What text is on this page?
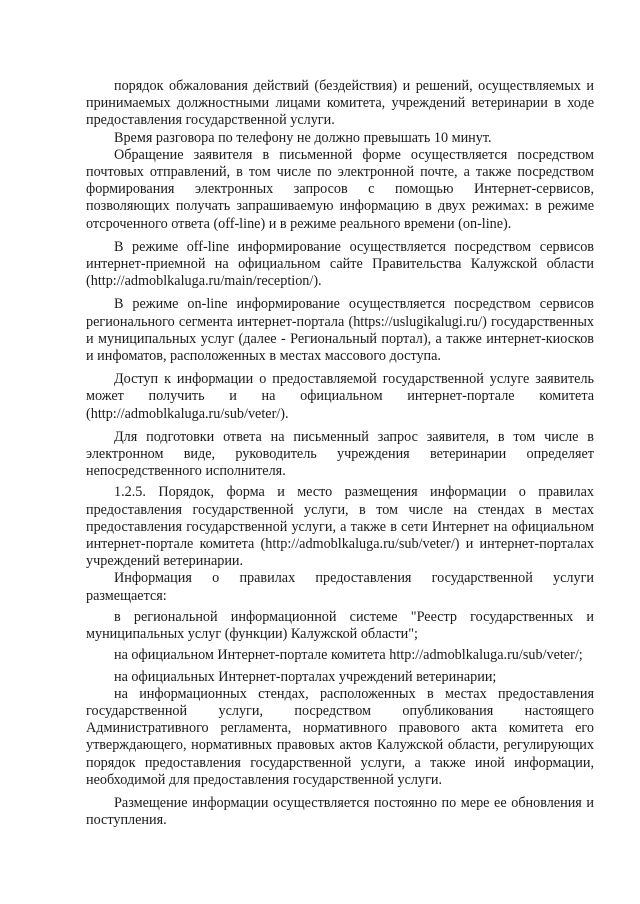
порядок обжалования действий (бездействия) и решений, осуществляемых и принимаемых должностными лицами комитета, учреждений ветеринарии в ходе предоставления государственной услуги.

Время разговора по телефону не должно превышать 10 минут.

Обращение заявителя в письменной форме осуществляется посредством почтовых отправлений, в том числе по электронной почте, а также посредством формирования электронных запросов с помощью Интернет-сервисов, позволяющих получать запрашиваемую информацию в двух режимах: в режиме отсроченного ответа (off-line) и в режиме реального времени (on-line).

В режиме off-line информирование осуществляется посредством сервисов интернет-приемной на официальном сайте Правительства Калужской области (http://admoblkaluga.ru/main/reception/).

В режиме on-line информирование осуществляется посредством сервисов регионального сегмента интернет-портала (https://uslugikalugi.ru/) государственных и муниципальных услуг (далее - Региональный портал), а также интернет-киосков и инфоматов, расположенных в местах массового доступа.

Доступ к информации о предоставляемой государственной услуге заявитель может получить и на официальном интернет-портале комитета (http://admoblkaluga.ru/sub/veter/).

Для подготовки ответа на письменный запрос заявителя, в том числе в электронном виде, руководитель учреждения ветеринарии определяет непосредственного исполнителя.

1.2.5. Порядок, форма и место размещения информации о правилах предоставления государственной услуги, в том числе на стендах в местах предоставления государственной услуги, а также в сети Интернет на официальном интернет-портале комитета (http://admoblkaluga.ru/sub/veter/) и интернет-порталах учреждений ветеринарии.

Информация о правилах предоставления государственной услуги размещается:

в региональной информационной системе "Реестр государственных и муниципальных услуг (функции) Калужской области";

на официальном Интернет-портале комитета http://admoblkaluga.ru/sub/veter/;

на официальных Интернет-порталах учреждений ветеринарии;

на информационных стендах, расположенных в местах предоставления государственной услуги, посредством опубликования настоящего Административного регламента, нормативного правового акта комитета его утверждающего, нормативных правовых актов Калужской области, регулирующих порядок предоставления государственной услуги, а также иной информации, необходимой для предоставления государственной услуги.

Размещение информации осуществляется постоянно по мере ее обновления и поступления.
